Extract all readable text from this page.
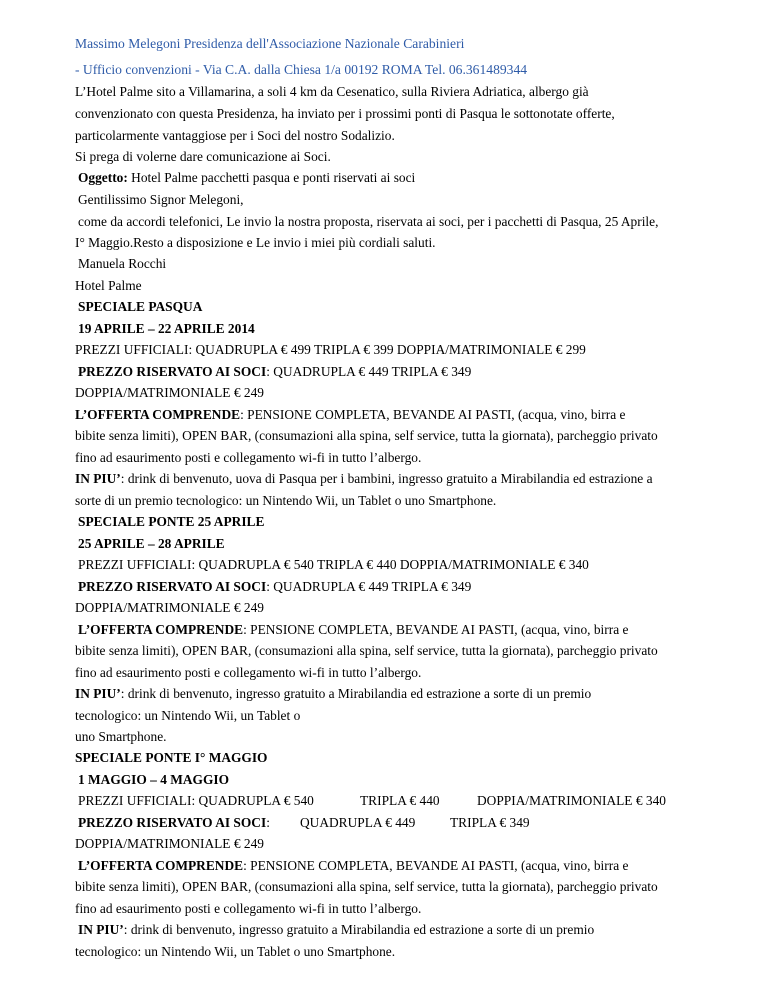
Massimo Melegoni Presidenza dell'Associazione Nazionale Carabinieri
- Ufficio convenzioni - Via C.A. dalla Chiesa 1/a 00192 ROMA Tel. 06.361489344
L’Hotel Palme sito a Villamarina, a soli 4 km da Cesenatico, sulla Riviera Adriatica, albergo già
convenzionato con questa Presidenza, ha inviato per i prossimi ponti di Pasqua le sottonotate offerte,
particolarmente vantaggiose per i Soci del nostro Sodalizio.
Si prega di volerne dare comunicazione ai Soci.
Oggetto: Hotel Palme pacchetti pasqua e ponti riservati ai soci
Gentilissimo Signor Melegoni,
come da accordi telefonici, Le invio la nostra proposta, riservata ai soci, per i pacchetti di Pasqua, 25 Aprile,
I° Maggio.Resto a disposizione e Le invio i miei più cordiali saluti.
Manuela Rocchi
Hotel Palme
SPECIALE PASQUA
19 APRILE – 22 APRILE 2014
PREZZI UFFICIALI: QUADRUPLA € 499 TRIPLA € 399 DOPPIA/MATRIMONIALE € 299
PREZZO RISERVATO AI SOCI: QUADRUPLA € 449 TRIPLA € 349
DOPPIA/MATRIMONIALE € 249
L’OFFERTA COMPRENDE: PENSIONE COMPLETA, BEVANDE AI PASTI, (acqua, vino, birra e
bibite senza limiti), OPEN BAR, (consumazioni alla spina, self service, tutta la giornata), parcheggio privato
fino ad esaurimento posti e collegamento wi-fi in tutto l’albergo.
IN PIU’: drink di benvenuto, uova di Pasqua per i bambini, ingresso gratuito a Mirabilandia ed estrazione a
sorte di un premio tecnologico: un Nintendo Wii, un Tablet o uno Smartphone.
SPECIALE PONTE 25 APRILE
25 APRILE – 28 APRILE
PREZZI UFFICIALI: QUADRUPLA € 540 TRIPLA € 440 DOPPIA/MATRIMONIALE € 340
PREZZO RISERVATO AI SOCI: QUADRUPLA € 449 TRIPLA € 349
DOPPIA/MATRIMONIALE € 249
L’OFFERTA COMPRENDE: PENSIONE COMPLETA, BEVANDE AI PASTI, (acqua, vino, birra e
bibite senza limiti), OPEN BAR, (consumazioni alla spina, self service, tutta la giornata), parcheggio privato
fino ad esaurimento posti e collegamento wi-fi in tutto l’albergo.
IN PIU’: drink di benvenuto, ingresso gratuito a Mirabilandia ed estrazione a sorte di un premio
tecnologico: un Nintendo Wii, un Tablet o
uno Smartphone.
SPECIALE PONTE I° MAGGIO
1 MAGGIO – 4 MAGGIO
PREZZI UFFICIALI: QUADRUPLA € 540	TRIPLA € 440	DOPPIA/MATRIMONIALE € 340
PREZZO RISERVATO AI SOCI: QUADRUPLA € 449	TRIPLA € 349
DOPPIA/MATRIMONIALE € 249
L’OFFERTA COMPRENDE: PENSIONE COMPLETA, BEVANDE AI PASTI, (acqua, vino, birra e
bibite senza limiti), OPEN BAR, (consumazioni alla spina, self service, tutta la giornata), parcheggio privato
fino ad esaurimento posti e collegamento wi-fi in tutto l’albergo.
IN PIU’: drink di benvenuto, ingresso gratuito a Mirabilandia ed estrazione a sorte di un premio
tecnologico: un Nintendo Wii, un Tablet o uno Smartphone.
